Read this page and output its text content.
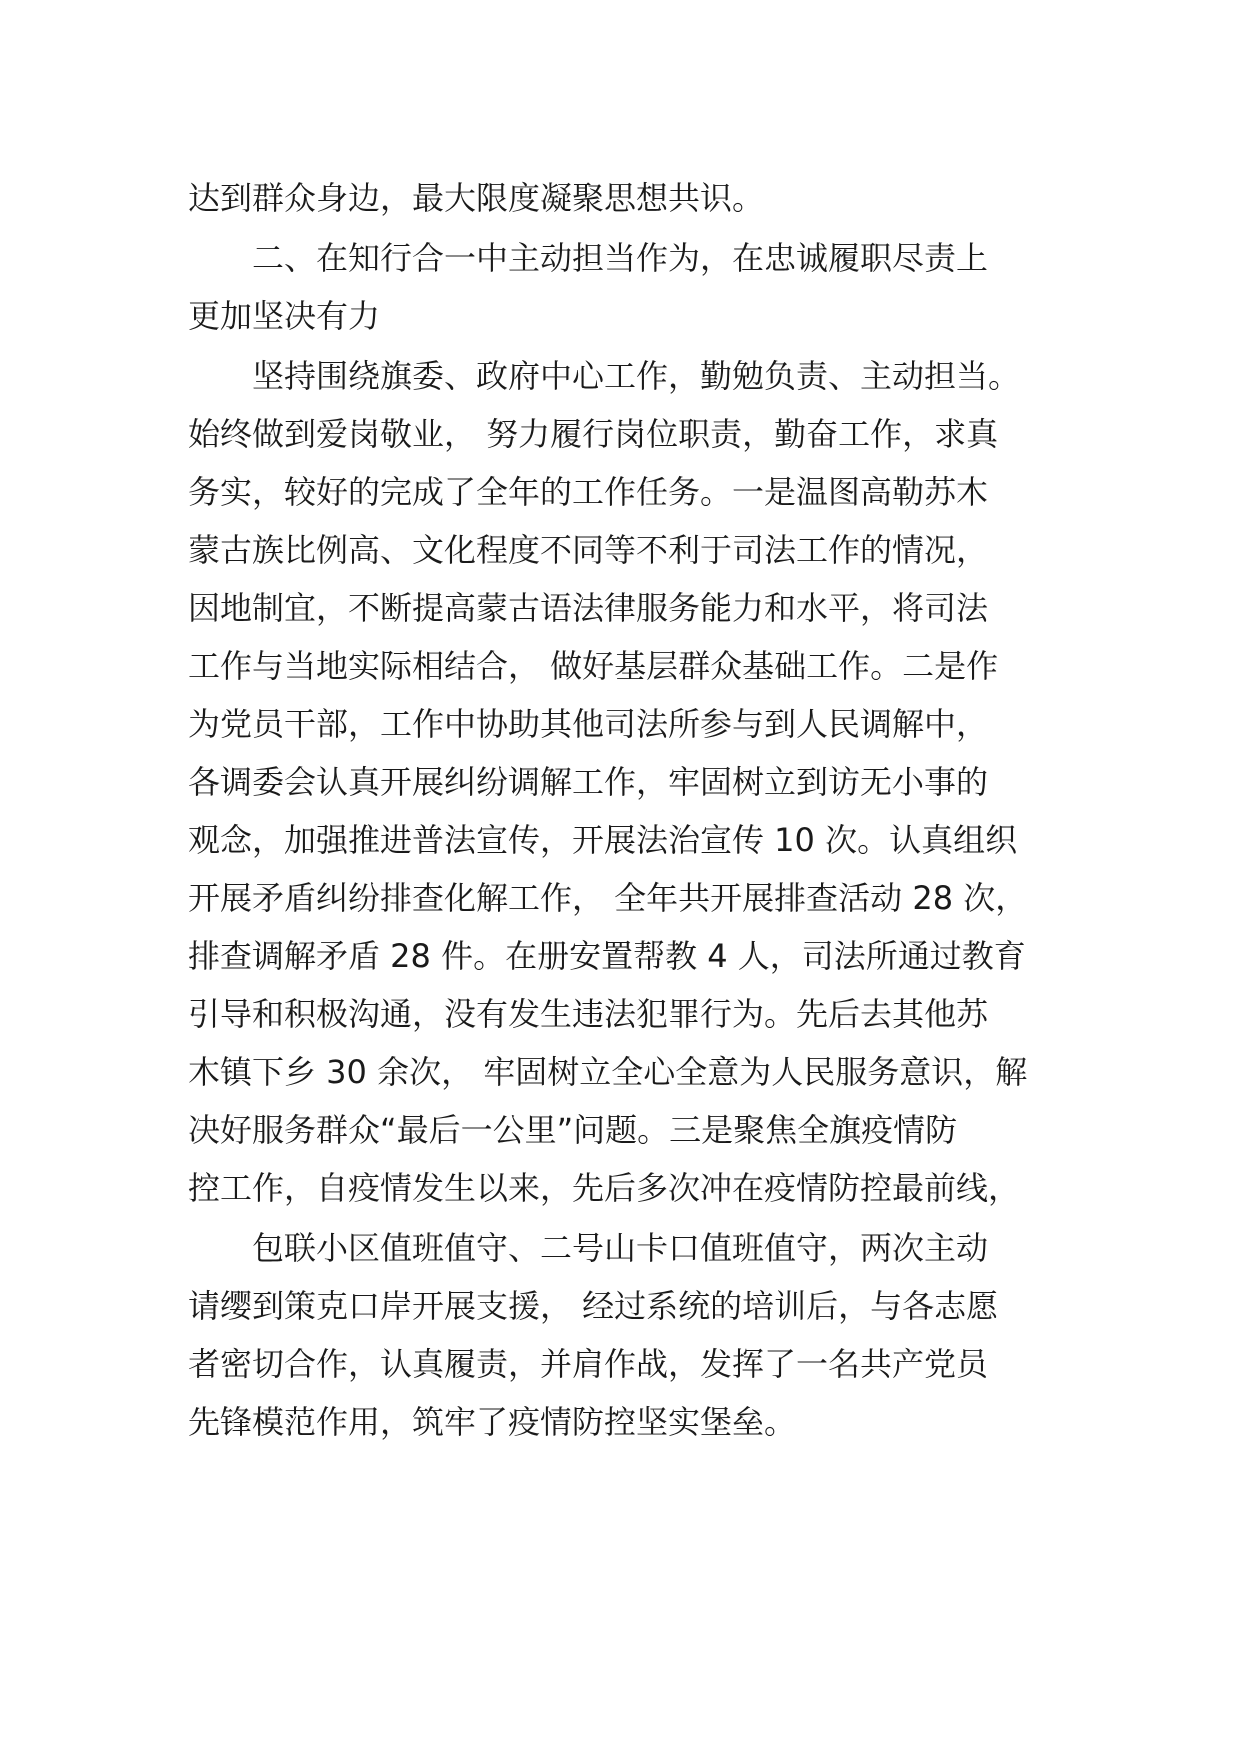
达到群众身边，最大限度凝聚思想共识。
二、在知行合一中主动担当作为，在忠诚履职尽责上
更加坚决有力
坚持围绕旗委、政府中心工作，勤勉负责、主动担当。
始终做到爱岗敬业， 努力履行岗位职责，勤奋工作，求真
务实，较好的完成了全年的工作任务。一是温图高勒苏木
蒙古族比例高、文化程度不同等不利于司法工作的情况，
因地制宜，不断提高蒙古语法律服务能力和水平，将司法
工作与当地实际相结合， 做好基层群众基础工作。二是作
为党员干部，工作中协助其他司法所参与到人民调解中，
各调委会认真开展纠纷调解工作，牢固树立到访无小事的
观念，加强推进普法宣传，开展法治宣传 10 次。认真组织
开展矛盾纠纷排查化解工作， 全年共开展排查活动 28 次，
排查调解矛盾 28 件。在册安置帮教 4 人，司法所通过教育
引导和积极沟通，没有发生违法犯罪行为。先后去其他苏
木镇下乡 30 余次， 牢固树立全心全意为人民服务意识，解
决好服务群众“最后一公里”问题。三是聚焦全旗疫情防
控工作，自疫情发生以来，先后多次冲在疫情防控最前线，
包联小区值班值守、二号山卡口值班值守，两次主动
请缨到策克口岸开展支援， 经过系统的培训后，与各志愿
者密切合作，认真履责，并肩作战，发挥了一名共产党员
先锋模范作用，筑牢了疫情防控坚实堡垒。
